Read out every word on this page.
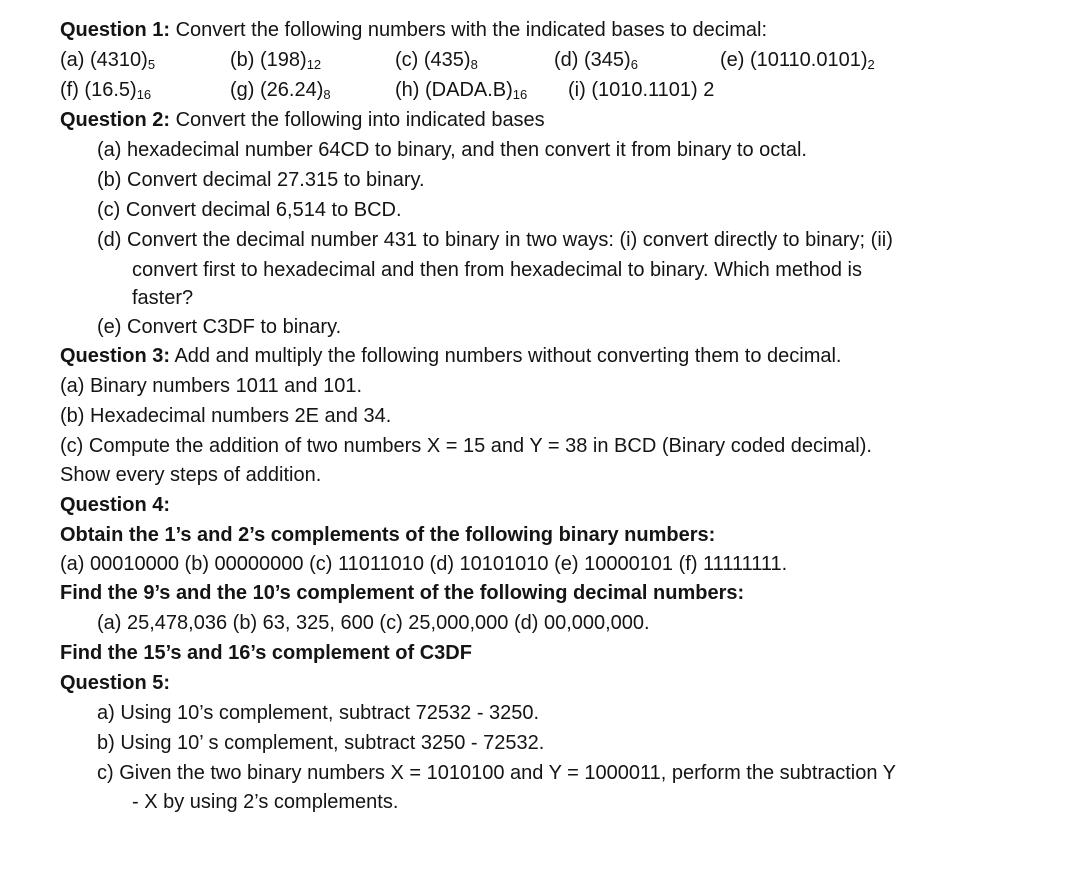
Question 1: Convert the following numbers with the indicated bases to decimal:
(a) $(4310)_5$	(b) $(198)_{12}$	(c) $(435)_8$	(d) $(345)_6$	(e) $(10110.0101)_2$
(f) $(16.5)_{16}$	(g) $(26.24)_8$	(h) $(DADA.B)_{16}$ (i) (1010.1101) 2
Question 2: Convert the following into indicated bases
(a) hexadecimal number 64CD to binary, and then convert it from binary to octal.
(b) Convert decimal 27.315 to binary.
(c) Convert decimal 6,514 to BCD.
(d) Convert the decimal number 431 to binary in two ways: (i) convert directly to binary; (ii)
convert first to hexadecimal and then from hexadecimal to binary. Which method is
faster?
(e) Convert C3DF to binary.
Question 3: Add and multiply the following numbers without converting them to decimal.
(a) Binary numbers 1011 and 101.
(b) Hexadecimal numbers 2E and 34.
(c) Compute the addition of two numbers X = 15 and Y = 38 in BCD (Binary coded decimal).
Show every steps of addition.
Question 4:
Obtain the 1’s and 2’s complements of the following binary numbers:
(a) 00010000 (b) 00000000 (c) 11011010 (d) 10101010 (e) 10000101 (f) 11111111.
Find the 9’s and the 10’s complement of the following decimal numbers:
(a) 25,478,036 (b) 63, 325, 600 (c) 25,000,000 (d) 00,000,000.
Find the 15’s and 16’s complement of C3DF
Question 5:
a) Using 10’s complement, subtract 72532 - 3250.
b) Using 10’ s complement, subtract 3250 - 72532.
c) Given the two binary numbers X = 1010100 and Y = 1000011, perform the subtraction Y
- X by using 2’s complements.
